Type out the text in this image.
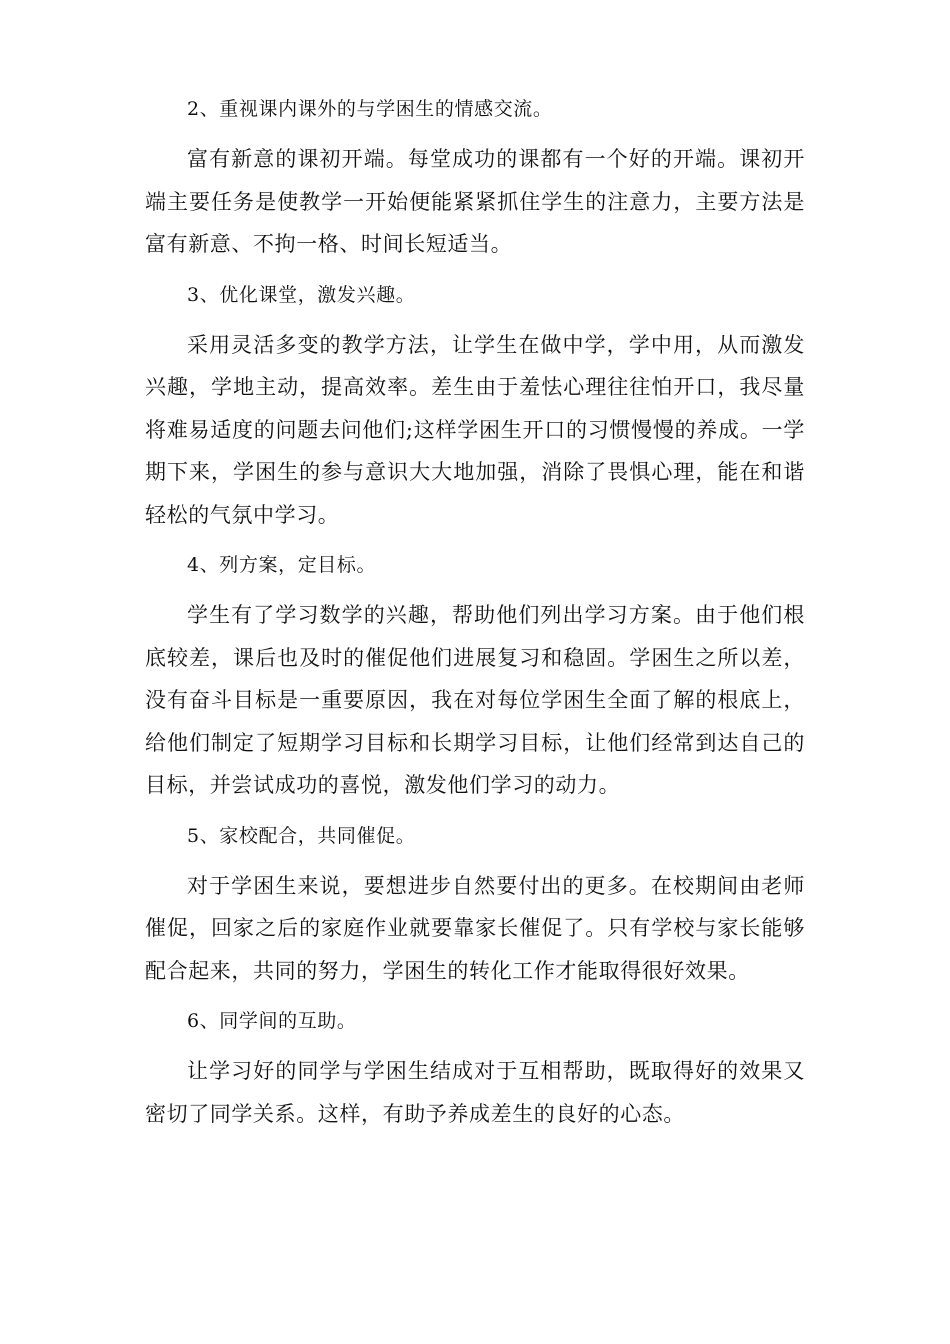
2、重视课内课外的与学困生的情感交流。

富有新意的课初开端。每堂成功的课都有一个好的开端。课初开端主要任务是使教学一开始便能紧紧抓住学生的注意力，主要方法是富有新意、不拘一格、时间长短适当。

3、优化课堂，激发兴趣。

采用灵活多变的教学方法，让学生在做中学，学中用，从而激发兴趣，学地主动，提高效率。差生由于羞怯心理往往怕开口，我尽量将难易适度的问题去问他们;这样学困生开口的习惯慢慢的养成。一学期下来，学困生的参与意识大大地加强，消除了畏惧心理，能在和谐轻松的气氛中学习。

4、列方案，定目标。

学生有了学习数学的兴趣，帮助他们列出学习方案。由于他们根底较差，课后也及时的催促他们进展复习和稳固。学困生之所以差，没有奋斗目标是一重要原因，我在对每位学困生全面了解的根底上，给他们制定了短期学习目标和长期学习目标，让他们经常到达自己的目标，并尝试成功的喜悦，激发他们学习的动力。

5、家校配合，共同催促。

对于学困生来说，要想进步自然要付出的更多。在校期间由老师催促，回家之后的家庭作业就要靠家长催促了。只有学校与家长能够配合起来，共同的努力，学困生的转化工作才能取得很好效果。

6、同学间的互助。

让学习好的同学与学困生结成对于互相帮助，既取得好的效果又密切了同学关系。这样，有助予养成差生的良好的心态。
